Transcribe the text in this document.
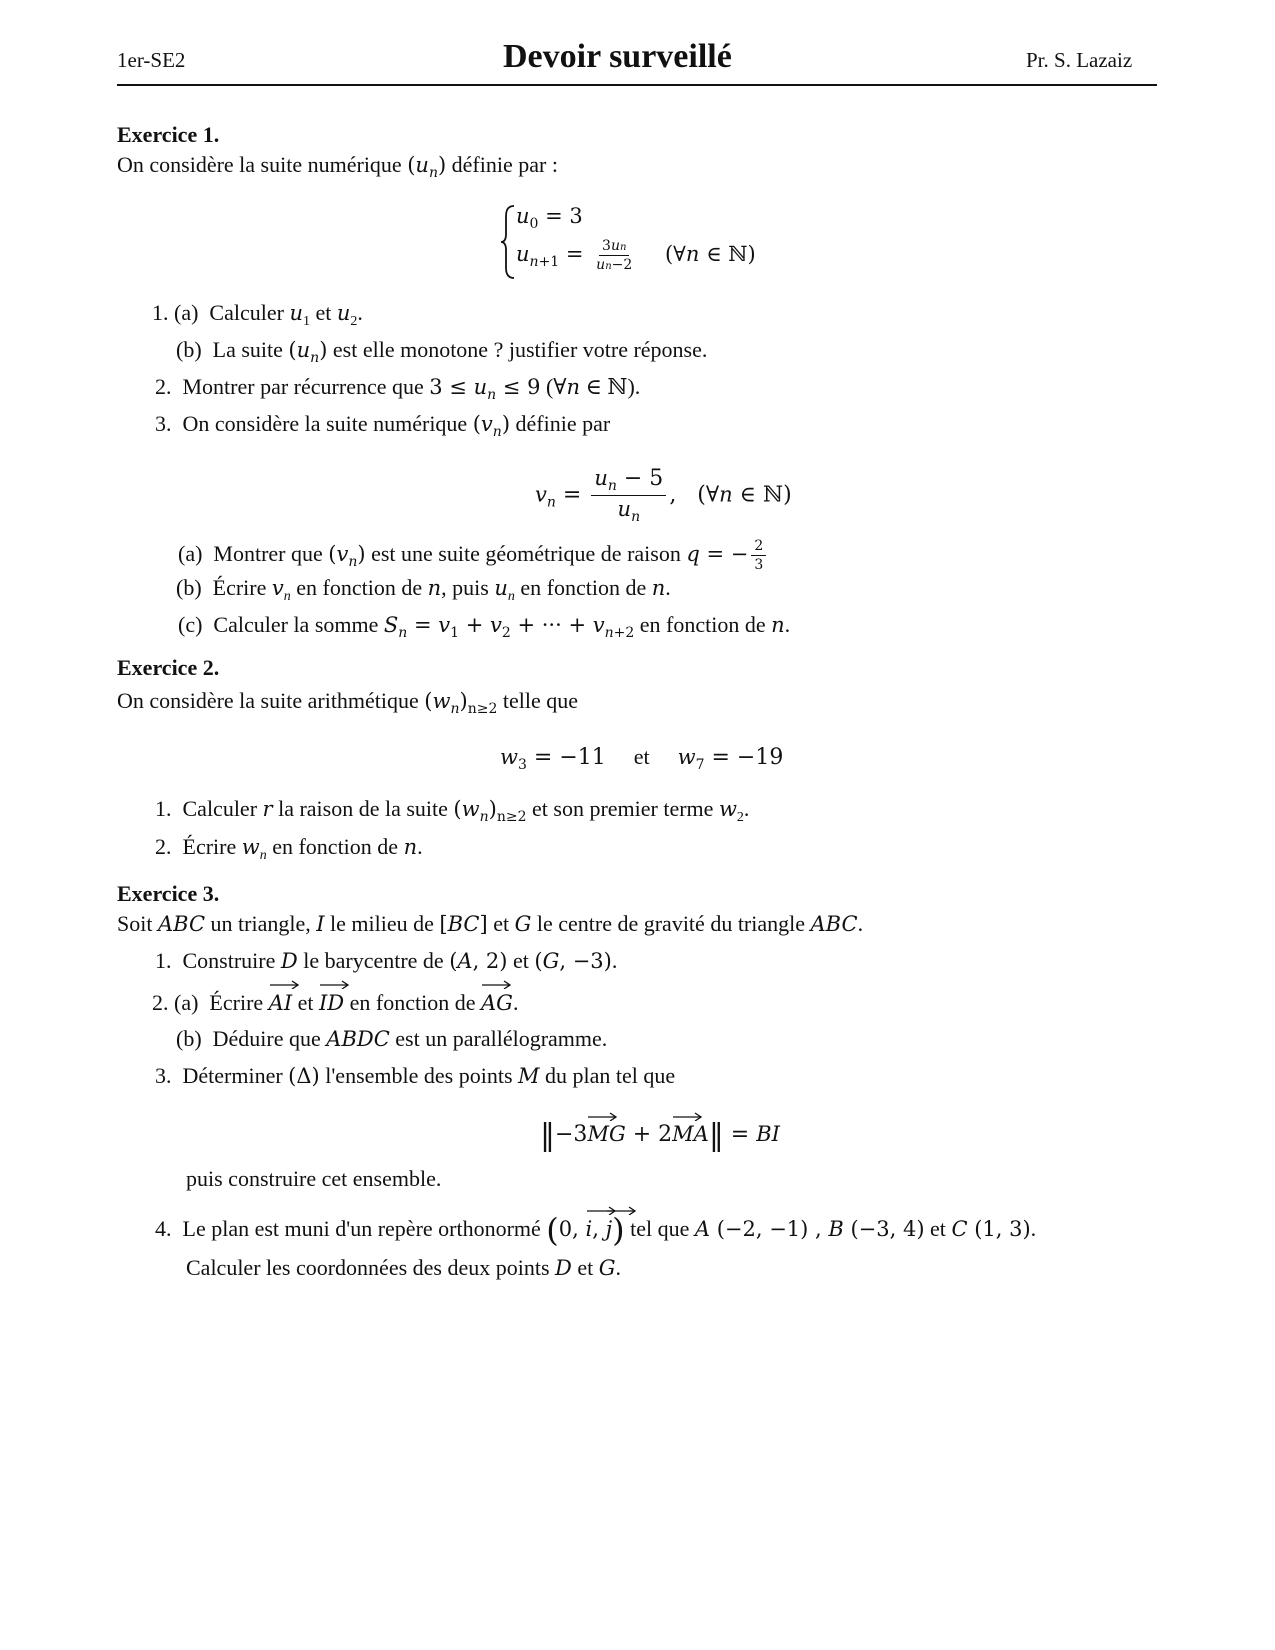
1er-SE2	Devoir surveillé	Pr. S. Lazaiz
Exercice 1.
On considère la suite numérique $(u_n)$ définie par :
$u_0 = 3$
$u_{n+1} = \frac{3un}{un-2}$ (∀n ∈ ℕ)
1. (a) Calculer $u_1$ et $u_2$.
(b) La suite $(u_n)$ est elle monotone ? justifier votre réponse.
2. Montrer par récurrence que $3 \le u_n \le 9$ (∀n ∈ ℕ).
3. On considère la suite numérique $(v_n)$ définie par
$v_n = \frac{u_n - 5}{u_n}$ ,   (∀n ∈ ℕ)
(a) Montrer que $(v_n)$ est une suite géométrique de raison q = − $\frac{2}{3}$
(b) Écrire $v_n$ en fonction de n, puis $u_n$ en fonction de n.
(c) Calculer la somme $S_n = v_1 + v_2$ + ··· + $v_{n+2}$ en fonction de n.
Exercice 2.
On considère la suite arithmétique $(w_n)_{n\ge 2}$ telle que
$w_3 = -11$    et $w_7 = -19$
1. Calculer r la raison de la suite $(w_n)_{n\ge 2}$ et son premier terme $w_2$.
2. Écrire $w_n$ en fonction de n.
Exercice 3.
Soit ABC un triangle, I le milieu de [BC] et G le centre de gravité du triangle ABC.
1. Construire D le barycentre de (A, 2) et (G, −3).
2. (a) Écrire AI et ID en fonction de AG
.
(b) Déduire que ABDC est un parallélogramme.
3. Déterminer (Δ) l'ensemble des points M du plan tel que
‖−3MG
+ 2MA
‖ = BI
puis construire cet ensemble.
4. Le plan est muni d'un repère orthonormé (0, i
, j
) tel que A (−2, −1) , B (−3, 4) et C (1, 3).
Calculer les coordonnées des deux points D et G.
